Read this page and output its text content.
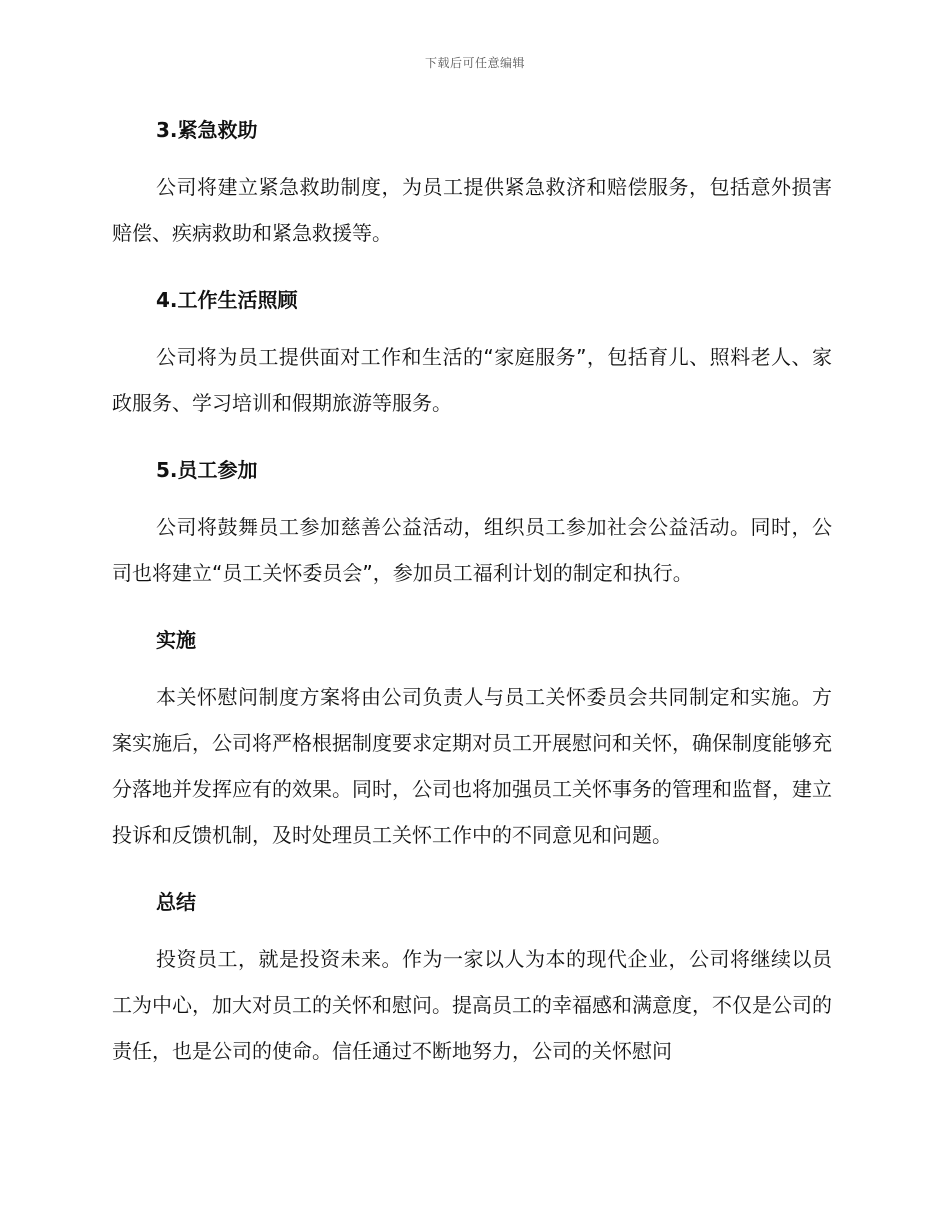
下载后可任意编辑
3.紧急救助

公司将建立紧急救助制度，为员工提供紧急救济和赔偿服务，包括意外损害赔偿、疾病救助和紧急救援等。

4.工作生活照顾

公司将为员工提供面对工作和生活的“家庭服务”，包括育儿、照料老人、家政服务、学习培训和假期旅游等服务。

5.员工参加

公司将鼓舞员工参加慈善公益活动，组织员工参加社会公益活动。同时，公司也将建立“员工关怀委员会”，参加员工福利计划的制定和执行。

实施

本关怀慰问制度方案将由公司负责人与员工关怀委员会共同制定和实施。方案实施后，公司将严格根据制度要求定期对员工开展慰问和关怀，确保制度能够充分落地并发挥应有的效果。同时，公司也将加强员工关怀事务的管理和监督，建立投诉和反馈机制，及时处理员工关怀工作中的不同意见和问题。

总结

投资员工，就是投资未来。作为一家以人为本的现代企业，公司将继续以员工为中心，加大对员工的关怀和慰问。提高员工的幸福感和满意度，不仅是公司的责任，也是公司的使命。信任通过不断地努力，公司的关怀慰问
